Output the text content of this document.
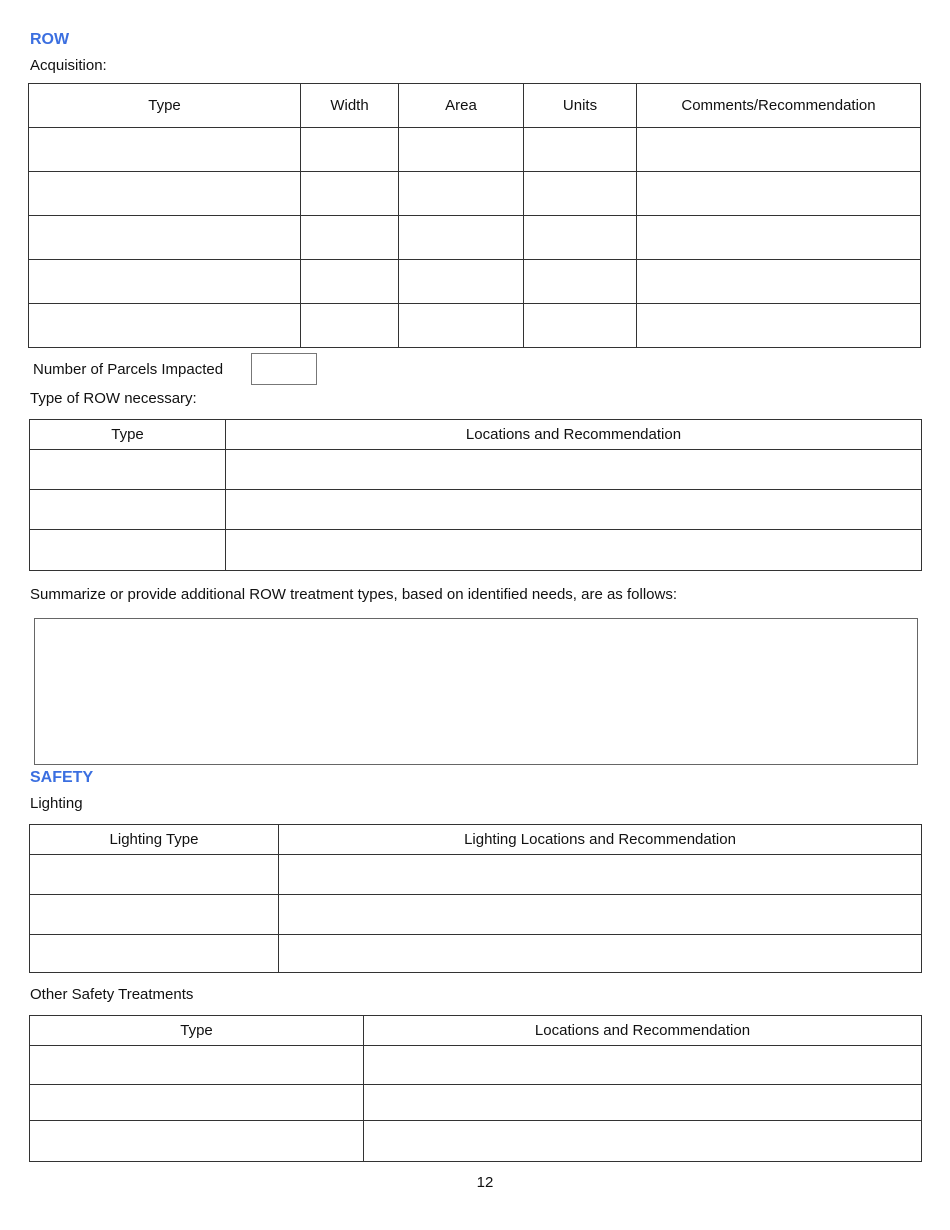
ROW
Acquisition:
Type	Width	Area	Units	Comments/Recommendation

Number of Parcels Impacted
Type of ROW necessary:
Type	Locations and Recommendation

Summarize or provide additional ROW treatment types, based on identified needs, are as follows:
SAFETY
Lighting
Lighting Type	Lighting Locations and Recommendation

Other Safety Treatments
Type	Locations and Recommendation

12
